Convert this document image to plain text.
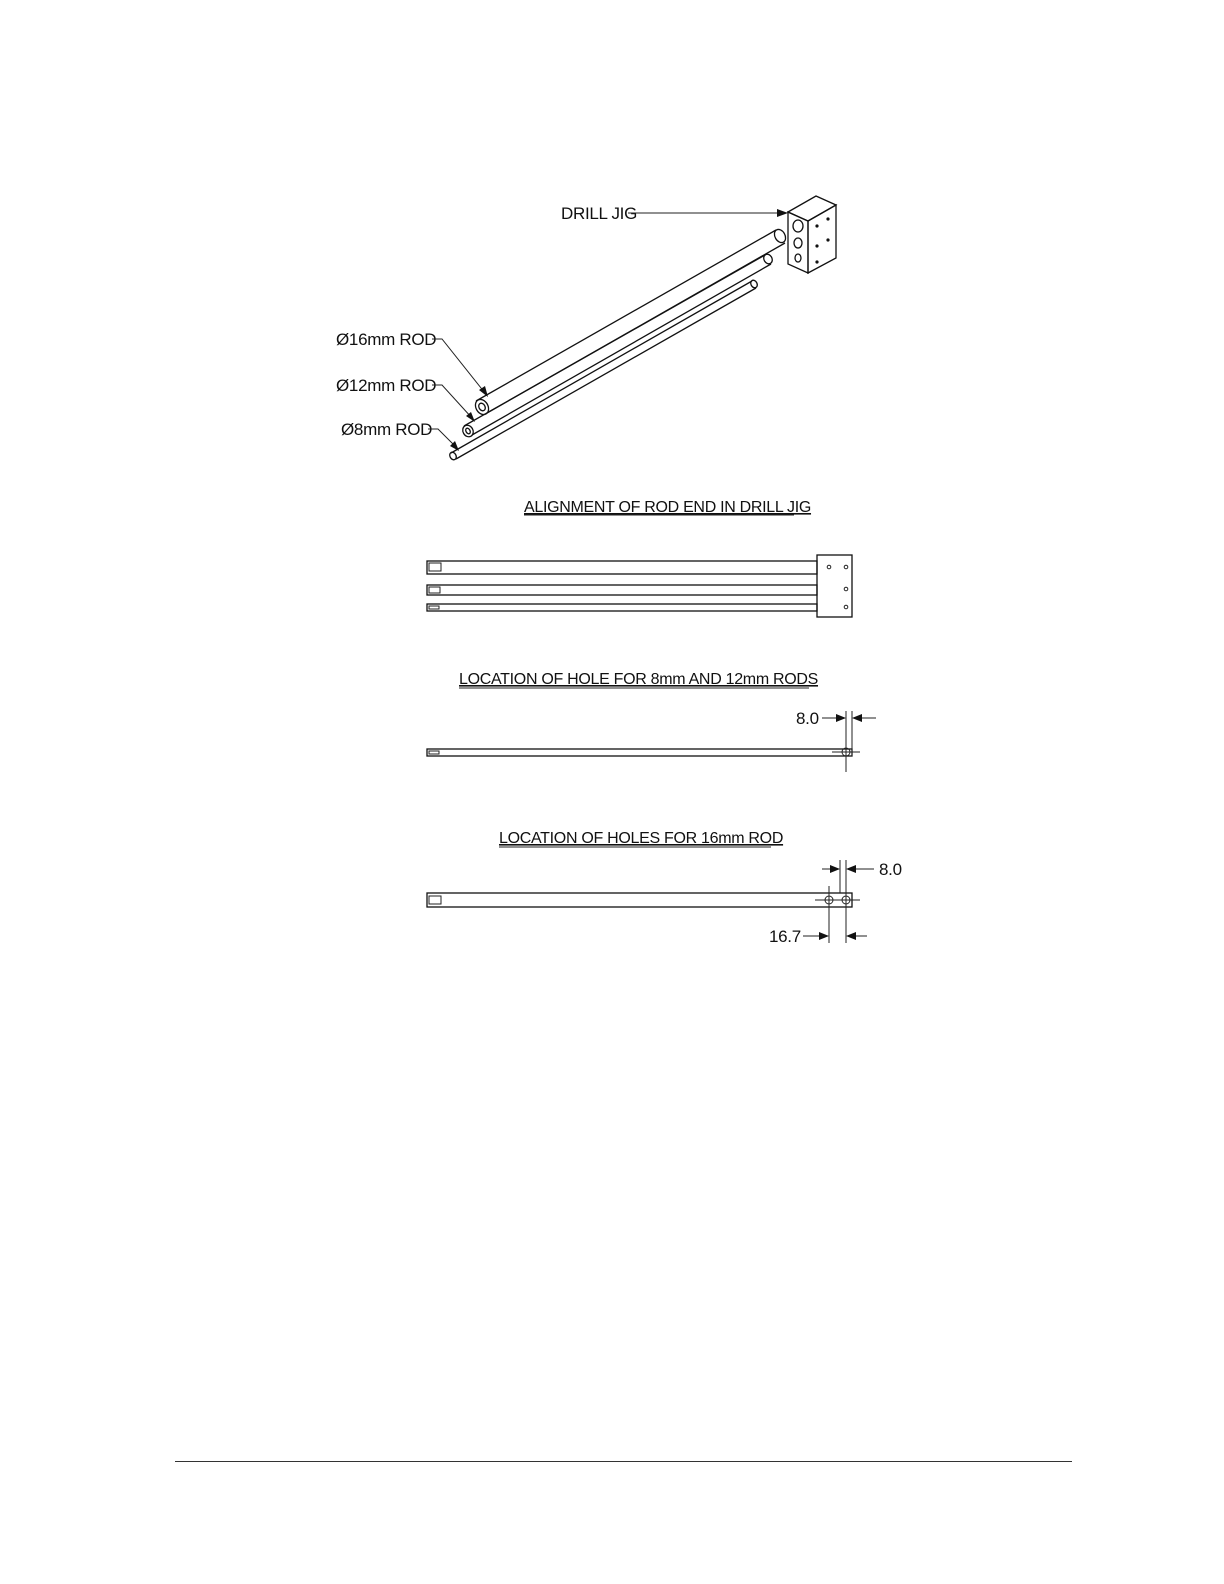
DRILL JIG
Ø16mm ROD
Ø12mm ROD
Ø8mm ROD
ALIGNMENT OF ROD END IN DRILL JIG
LOCATION OF HOLE FOR 8mm AND 12mm RODS
8.0
LOCATION OF HOLES FOR 16mm ROD
8.0
16.7
